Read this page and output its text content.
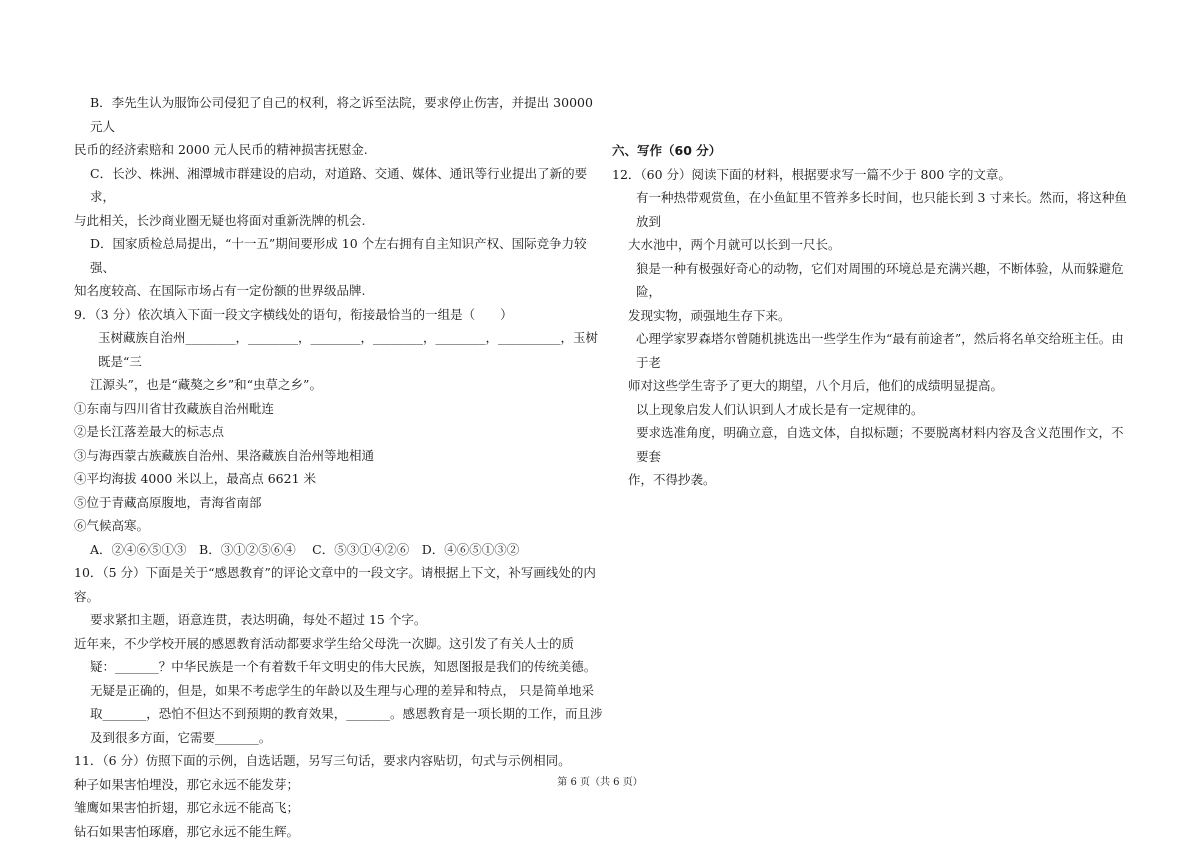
B．李先生认为服饰公司侵犯了自己的权利，将之诉至法院，要求停止伤害，并提出 30000 元人
民币的经济索赔和 2000 元人民币的精神损害抚慰金.
C．长沙、株洲、湘潭城市群建设的启动，对道路、交通、媒体、通讯等行业提出了新的要求，
与此相关，长沙商业圈无疑也将面对重新洗牌的机会.
D．国家质检总局提出，“十一五”期间要形成 10 个左右拥有自主知识产权、国际竞争力较强、
知名度较高、在国际市场占有一定份额的世界级品牌.
9．（3 分）依次填入下面一段文字横线处的语句，衔接最恰当的一组是（　　）
玉树藏族自治州________，________，________，________，________，__________，玉树既是“三
江源头”，也是“藏獒之乡”和“虫草之乡”。
①东南与四川省甘孜藏族自治州毗连
②是长江落差最大的标志点
③与海西蒙古族藏族自治州、果洛藏族自治州等地相通
④平均海拔 4000 米以上，最高点 6621 米
⑤位于青藏高原腹地，青海省南部
⑥气候高寒。
A．②④⑥⑤①③　B．③①②⑤⑥④　 C．⑤③①④②⑥　D．④⑥⑤①③②
10．（5 分）下面是关于“感恩教育”的评论文章中的一段文字。请根据上下文，补写画线处的内容。
要求紧扣主题，语意连贯，表达明确，每处不超过 15 个字。
近年来，不少学校开展的感恩教育活动都要求学生给父母洗一次脚。这引发了有关人士的质
疑：_______？中华民族是一个有着数千年文明史的伟大民族，知恩图报是我们的传统美德。
无疑是正确的，但是，如果不考虑学生的年龄以及生理与心理的差异和特点， 只是简单地采
取_______，恐怕不但达不到预期的教育效果，_______。感恩教育是一项长期的工作，而且涉
及到很多方面，它需要_______。
11．（6 分）仿照下面的示例，自选话题，另写三句话，要求内容贴切，句式与示例相同。
种子如果害怕埋没，那它永远不能发芽；
雏鹰如果害怕折翅，那它永远不能高飞；
钻石如果害怕琢磨，那它永远不能生辉。
六、写作（60 分）
12．（60 分）阅读下面的材料，根据要求写一篇不少于 800 字的文章。
有一种热带观赏鱼，在小鱼缸里不管养多长时间，也只能长到 3 寸来长。然而，将这种鱼放到
大水池中，两个月就可以长到一尺长。
狼是一种有极强好奇心的动物，它们对周围的环境总是充满兴趣，不断体验，从而躲避危险，
发现实物，顽强地生存下来。
心理学家罗森塔尔曾随机挑选出一些学生作为“最有前途者”，然后将名单交给班主任。由于老
师对这些学生寄予了更大的期望，八个月后，他们的成绩明显提高。
以上现象启发人们认识到人才成长是有一定规律的。
要求选准角度，明确立意，自选文体，自拟标题；不要脱离材料内容及含义范围作文，不要套
作，不得抄袭。
第 6 页（共 6 页）
